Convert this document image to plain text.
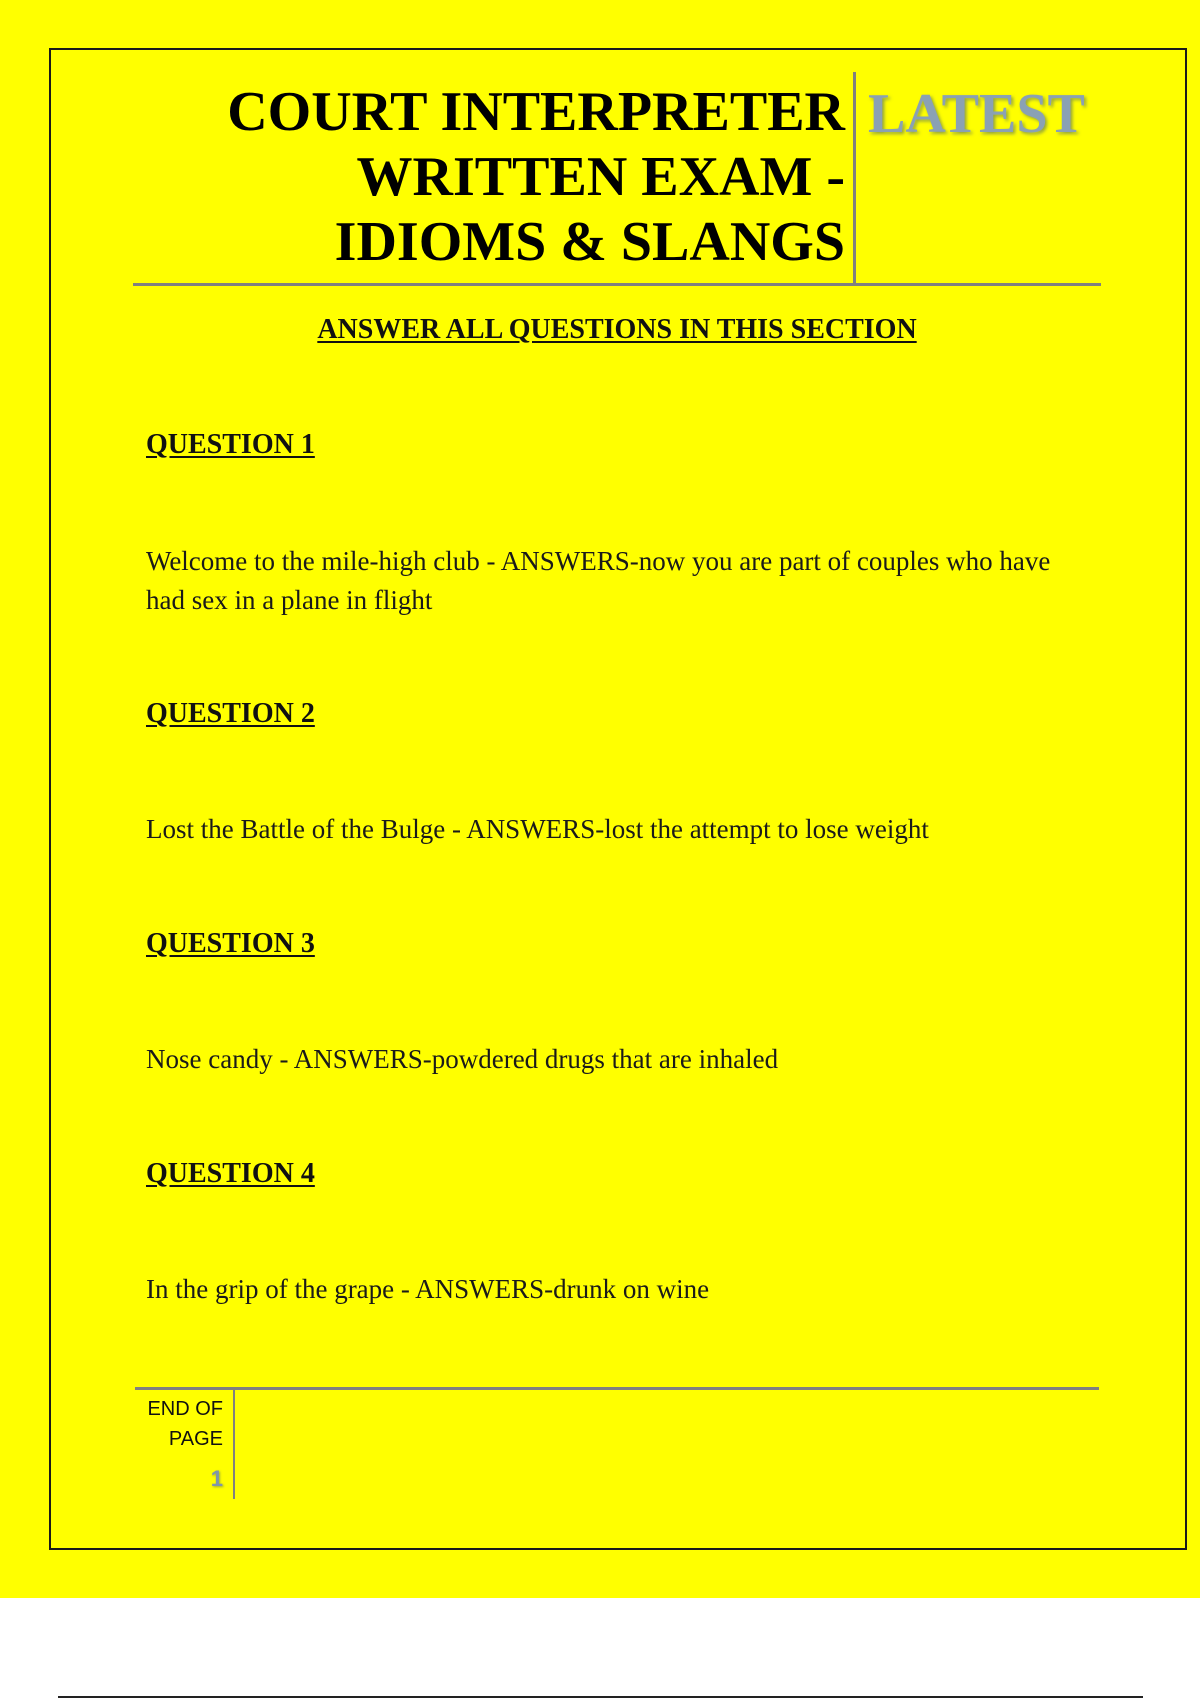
COURT INTERPRETER
WRITTEN EXAM -
IDIOMS & SLANGS
LATEST
ANSWER ALL QUESTIONS IN THIS SECTION
QUESTION 1
Welcome to the mile-high club - ANSWERS-now you are part of couples who have had sex in a plane in flight
QUESTION 2
Lost the Battle of the Bulge - ANSWERS-lost the attempt to lose weight
QUESTION 3
Nose candy - ANSWERS-powdered drugs that are inhaled
QUESTION 4
In the grip of the grape - ANSWERS-drunk on wine
END OF
PAGE
1
